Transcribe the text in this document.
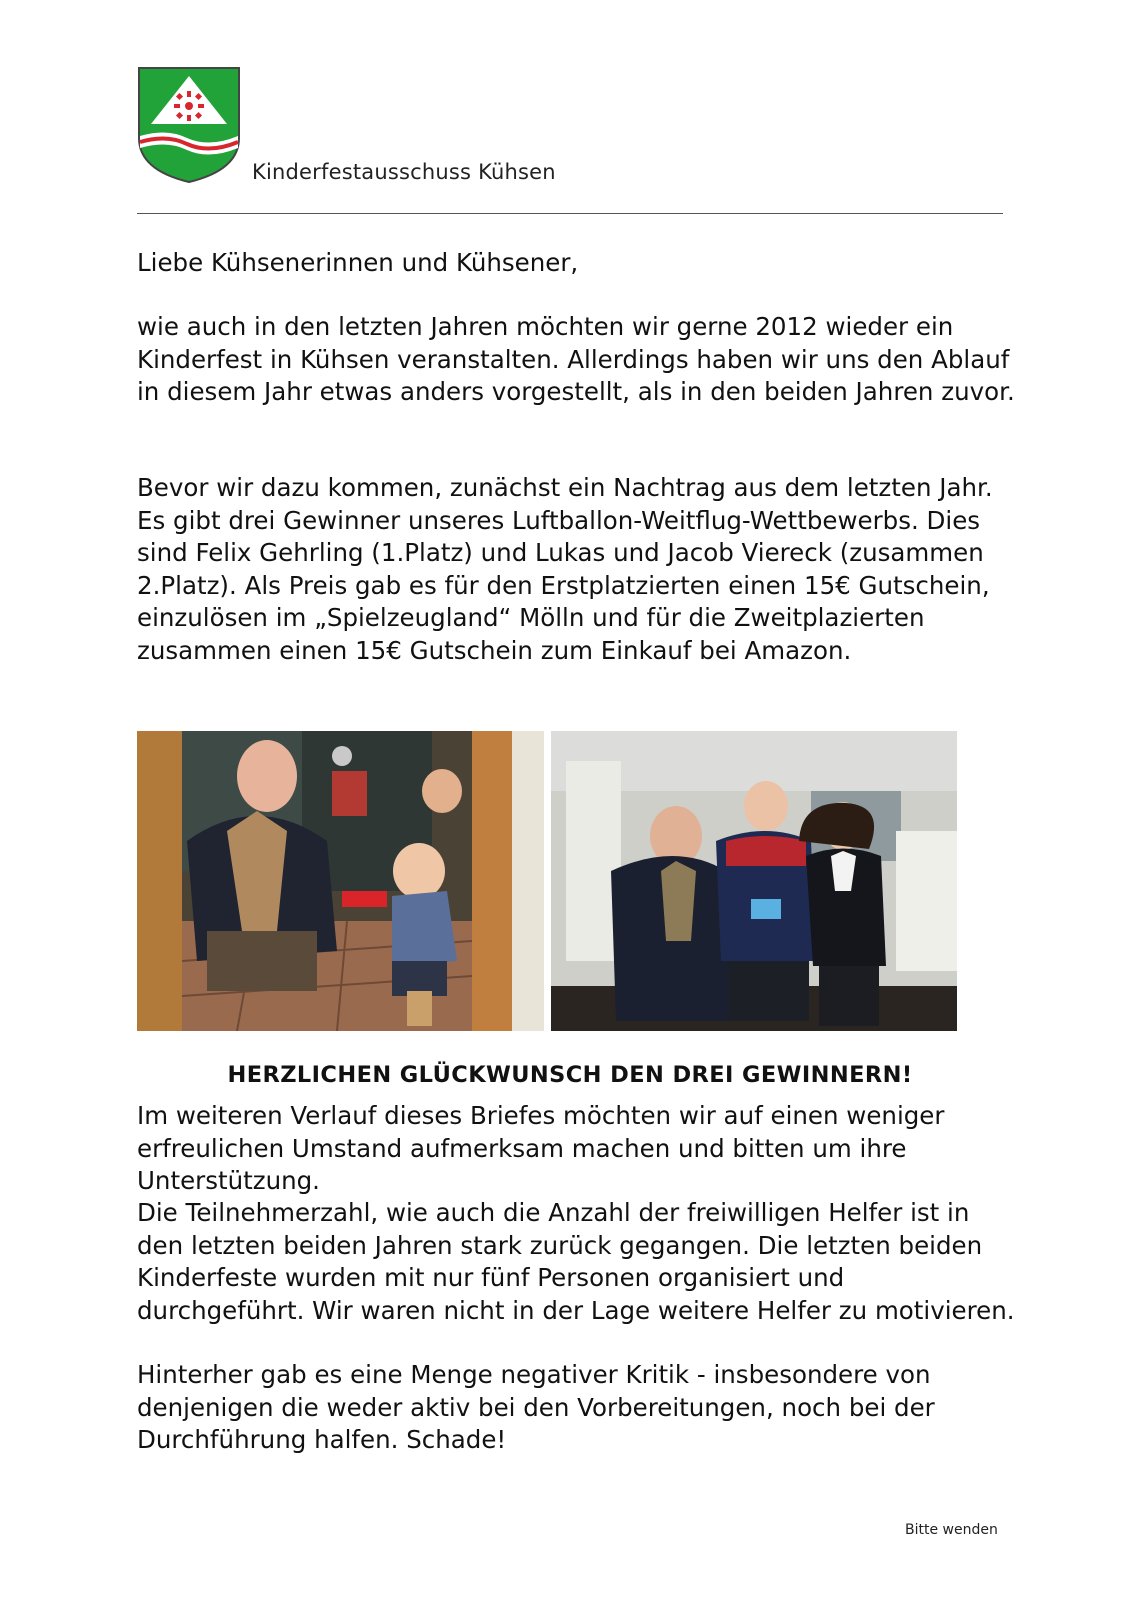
Kinderfestausschuss Kühsen

Liebe Kühsenerinnen und Kühsener,

wie auch in den letzten Jahren möchten wir gerne 2012 wieder ein Kinderfest in Kühsen veranstalten. Allerdings haben wir uns den Ablauf in diesem Jahr etwas anders vorgestellt, als in den beiden Jahren zuvor.

Bevor wir dazu kommen, zunächst ein Nachtrag aus dem letzten Jahr. Es gibt drei Gewinner unseres Luftballon-Weitflug-Wettbewerbs. Dies sind Felix Gehrling (1.Platz) und Lukas und Jacob Viereck (zusammen 2.Platz). Als Preis gab es für den Erstplatzierten einen 15€ Gutschein, einzulösen im „Spielzeugland“ Mölln und für die Zweitplazierten zusammen einen 15€ Gutschein zum Einkauf bei Amazon.

HERZLICHEN GLÜCKWUNSCH DEN DREI GEWINNERN!

Im weiteren Verlauf dieses Briefes möchten wir auf einen weniger erfreulichen Umstand aufmerksam machen und bitten um ihre Unterstützung.

Die Teilnehmerzahl, wie auch die Anzahl der freiwilligen Helfer ist in den letzten beiden Jahren stark zurück gegangen. Die letzten beiden Kinderfeste wurden mit nur fünf Personen organisiert und durchgeführt. Wir waren nicht in der Lage weitere Helfer zu motivieren.

Hinterher gab es eine Menge negativer Kritik - insbesondere von denjenigen die weder aktiv bei den Vorbereitungen, noch bei der Durchführung halfen. Schade!

Bitte wenden
